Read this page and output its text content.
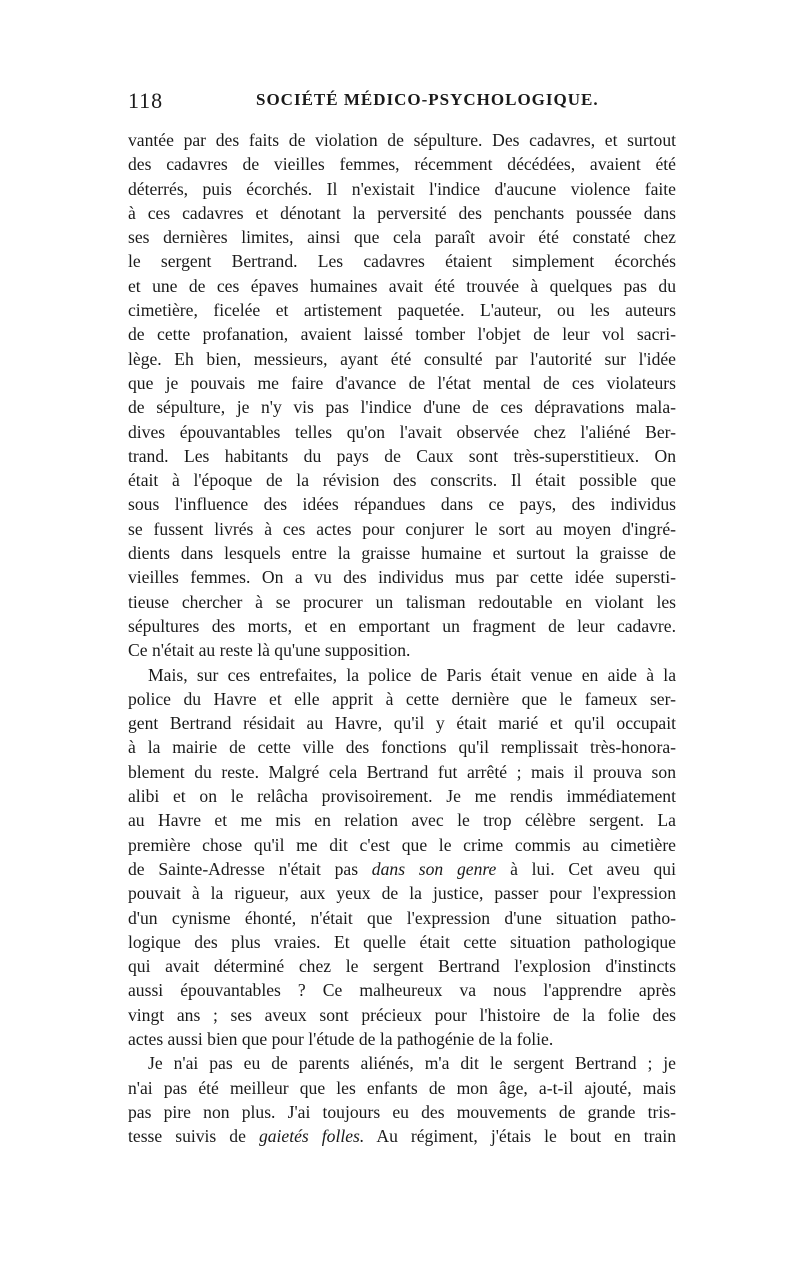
118	SOCIÉTÉ MÉDICO-PSYCHOLOGIQUE.
vantée par des faits de violation de sépulture. Des cadavres, et surtout
des cadavres de vieilles femmes, récemment décédées, avaient été
déterrés, puis écorchés. Il n'existait l'indice d'aucune violence faite
à ces cadavres et dénotant la perversité des penchants poussée dans
ses dernières limites, ainsi que cela paraît avoir été constaté chez
le sergent Bertrand. Les cadavres étaient simplement écorchés
et une de ces épaves humaines avait été trouvée à quelques pas du
cimetière, ficelée et artistement paquetée. L'auteur, ou les auteurs
de cette profanation, avaient laissé tomber l'objet de leur vol sacri-
lège. Eh bien, messieurs, ayant été consulté par l'autorité sur l'idée
que je pouvais me faire d'avance de l'état mental de ces violateurs
de sépulture, je n'y vis pas l'indice d'une de ces dépravations mala-
dives épouvantables telles qu'on l'avait observée chez l'aliéné Ber-
trand. Les habitants du pays de Caux sont très-superstitieux. On
était à l'époque de la révision des conscrits. Il était possible que
sous l'influence des idées répandues dans ce pays, des individus
se fussent livrés à ces actes pour conjurer le sort au moyen d'ingré-
dients dans lesquels entre la graisse humaine et surtout la graisse de
vieilles femmes. On a vu des individus mus par cette idée supersti-
tieuse chercher à se procurer un talisman redoutable en violant les
sépultures des morts, et en emportant un fragment de leur cadavre.
Ce n'était au reste là qu'une supposition.
Mais, sur ces entrefaites, la police de Paris était venue en aide à la
police du Havre et elle apprit à cette dernière que le fameux ser-
gent Bertrand résidait au Havre, qu'il y était marié et qu'il occupait
à la mairie de cette ville des fonctions qu'il remplissait très-honora-
blement du reste. Malgré cela Bertrand fut arrêté ; mais il prouva son
alibi et on le relâcha provisoirement. Je me rendis immédiatement
au Havre et me mis en relation avec le trop célèbre sergent. La
première chose qu'il me dit c'est que le crime commis au cimetière
de Sainte-Adresse n'était pas dans son genre à lui. Cet aveu qui
pouvait à la rigueur, aux yeux de la justice, passer pour l'expression
d'un cynisme éhonté, n'était que l'expression d'une situation patho-
logique des plus vraies. Et quelle était cette situation pathologique
qui avait déterminé chez le sergent Bertrand l'explosion d'instincts
aussi épouvantables ? Ce malheureux va nous l'apprendre après
vingt ans ; ses aveux sont précieux pour l'histoire de la folie des
actes aussi bien que pour l'étude de la pathogénie de la folie.
Je n'ai pas eu de parents aliénés, m'a dit le sergent Bertrand ; je
n'ai pas été meilleur que les enfants de mon âge, a-t-il ajouté, mais
pas pire non plus. J'ai toujours eu des mouvements de grande tris-
tesse suivis de gaietés folles. Au régiment, j'étais le bout en train
